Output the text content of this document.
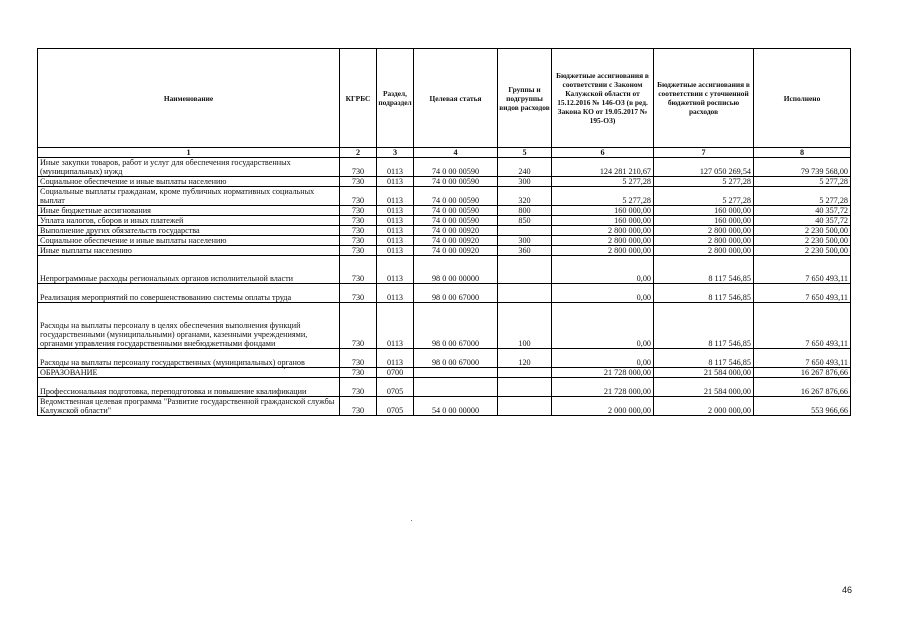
Наименование	КГРБС	Раздел, подраздел	Целевая статья	Группы и подгруппы видов расходов	Бюджетные ассигнования в соответствии с Законом Калужской области от 15.12.2016 № 146-ОЗ (в ред. Закона КО от 19.05.2017 № 195-ОЗ)	Бюджетные ассигнования в соответствии с уточненной бюджетной росписью расходов	Исполнено
1	2	3	4	5	6	7	8
Иные закупки товаров, работ и услуг для обеспечения государственных (муниципальных) нужд	730	0113	74 0 00 00590	240	124 281 210,67	127 050 269,54	79 739 568,00
Социальное обеспечение и иные выплаты населению	730	0113	74 0 00 00590	300	5 277,28	5 277,28	5 277,28
Социальные выплаты гражданам, кроме публичных нормативных социальных выплат	730	0113	74 0 00 00590	320	5 277,28	5 277,28	5 277,28
Иные бюджетные ассигнования	730	0113	74 0 00 00590	800	160 000,00	160 000,00	40 357,72
Уплата налогов, сборов и иных платежей	730	0113	74 0 00 00590	850	160 000,00	160 000,00	40 357,72
Выполнение других обязательств государства	730	0113	74 0 00 00920		2 800 000,00	2 800 000,00	2 230 500,00
Социальное обеспечение и иные выплаты населению	730	0113	74 0 00 00920	300	2 800 000,00	2 800 000,00	2 230 500,00
Иные выплаты населению	730	0113	74 0 00 00920	360	2 800 000,00	2 800 000,00	2 230 500,00
Непрограммные расходы региональных органов исполнительной власти	730	0113	98 0 00 00000		0,00	8 117 546,85	7 650 493,11
Реализация мероприятий по совершенствованию системы оплаты труда	730	0113	98 0 00 67000		0,00	8 117 546,85	7 650 493,11
Расходы на выплаты персоналу в целях обеспечения выполнения функций государственными (муниципальными) органами, казенными учреждениями, органами управления государственными внебюджетными фондами	730	0113	98 0 00 67000	100	0,00	8 117 546,85	7 650 493,11
Расходы на выплаты персоналу государственных (муниципальных) органов	730	0113	98 0 00 67000	120	0,00	8 117 546,85	7 650 493,11
ОБРАЗОВАНИЕ	730	0700			21 728 000,00	21 584 000,00	16 267 876,66
Профессиональная подготовка, переподготовка и повышение квалификации	730	0705			21 728 000,00	21 584 000,00	16 267 876,66
Ведомственная целевая программа "Развитие государственной гражданской службы Калужской области"	730	0705	54 0 00 00000		2 000 000,00	2 000 000,00	553 966,66
46
